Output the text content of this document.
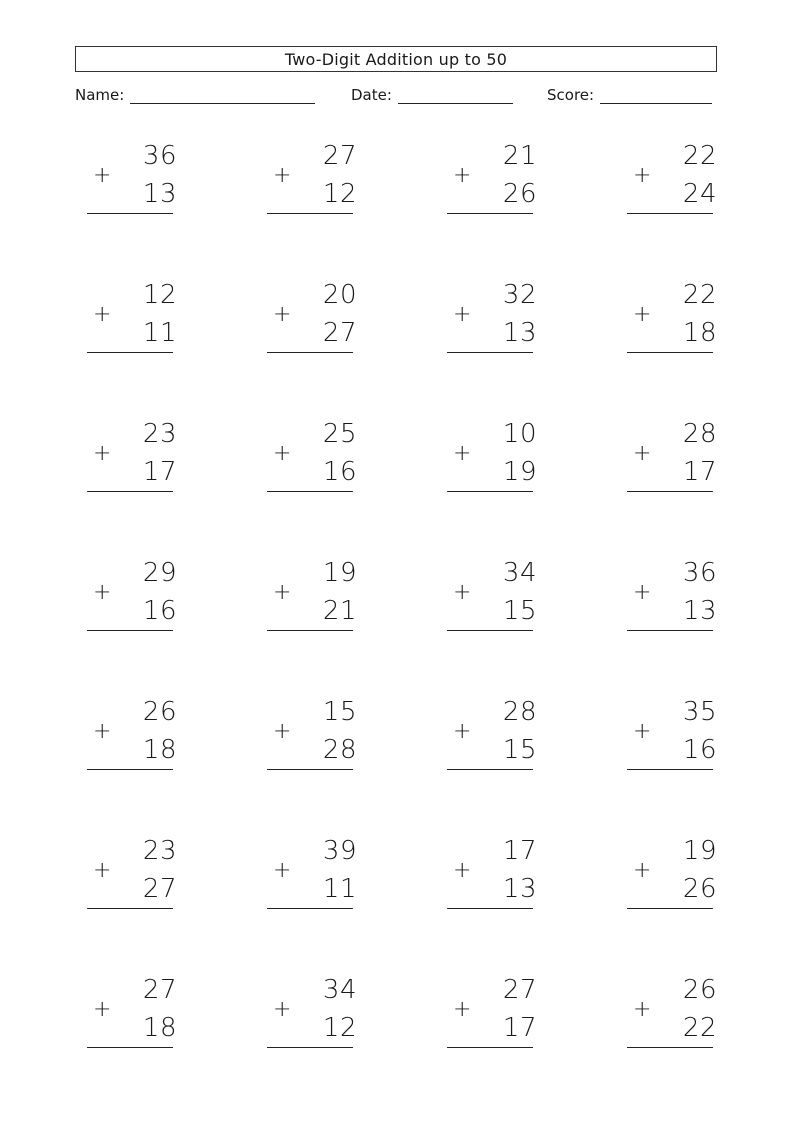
Two-Digit Addition up to 50
Name:	Date:	Score:
36
+
13
27
+
12
21
+
26
22
+
24
12
+
11
20
+
27
32
+
13
22
+
18
23
+
17
25
+
16
10
+
19
28
+
17
29
+
16
19
+
21
34
+
15
36
+
13
26
+
18
15
+
28
28
+
15
35
+
16
23
+
27
39
+
11
17
+
13
19
+
26
27
+
18
34
+
12
27
+
17
26
+
22
